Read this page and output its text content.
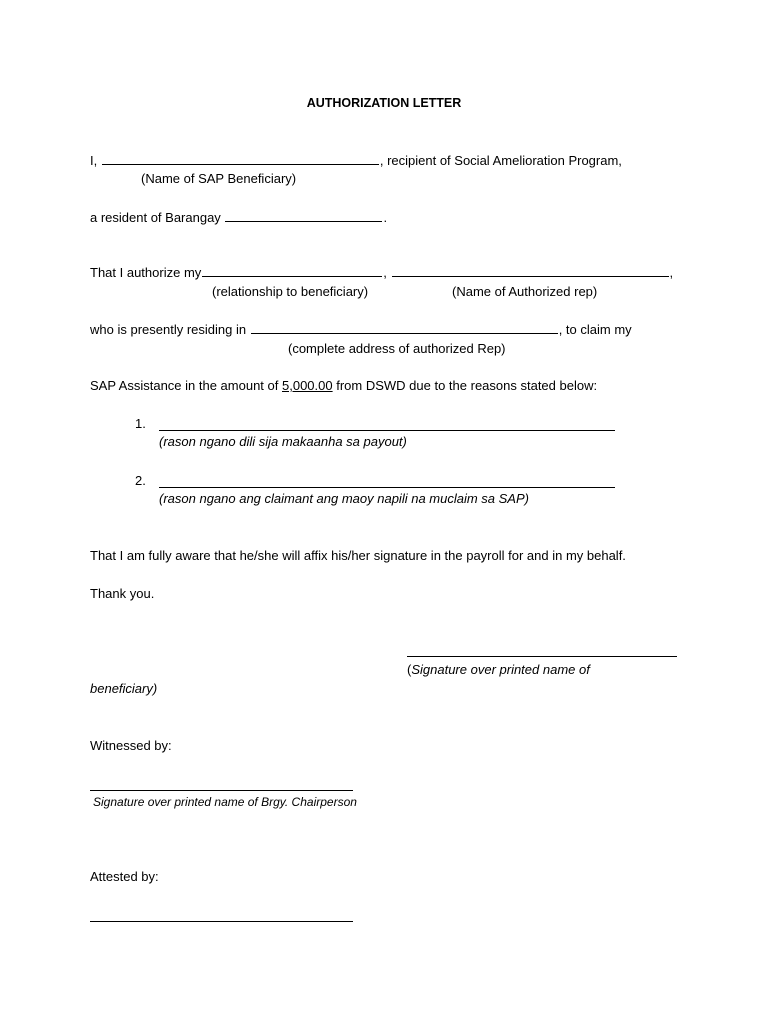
AUTHORIZATION LETTER
I,	, recipient of Social Amelioration Program,
(Name of SAP Beneficiary)
a resident of Barangay	.
That I authorize my	,	,
(relationship to beneficiary)	(Name of Authorized rep)
who is presently residing in	, to claim my
(complete address of authorized Rep)
SAP Assistance in the amount of 5,000.00 from DSWD due to the reasons stated below:
1.
(rason ngano dili sija makaanha sa payout)
2.
(rason ngano ang claimant ang maoy napili na muclaim sa SAP)
That I am fully aware that he/she will affix his/her signature in the payroll for and in my behalf.
Thank you.
(Signature over printed name of
beneficiary)
Witnessed by:
Signature over printed name of Brgy. Chairperson
Attested by:
